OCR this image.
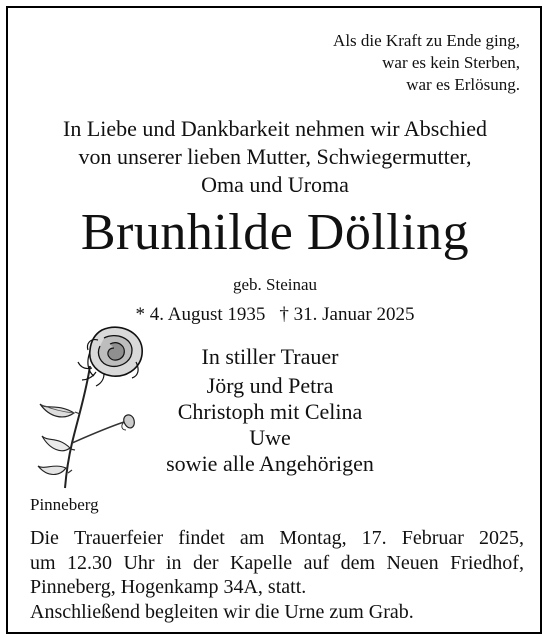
Als die Kraft zu Ende ging,
war es kein Sterben,
war es Erlösung.
In Liebe und Dankbarkeit nehmen wir Abschied
von unserer lieben Mutter, Schwiegermutter,
Oma und Uroma
Brunhilde Dölling
geb. Steinau
* 4. August 1935 † 31. Januar 2025
In stiller Trauer
Jörg und Petra
Christoph mit Celina
Uwe
sowie alle Angehörigen
Pinneberg
Die Trauerfeier findet am Montag, 17. Februar 2025,
um 12.30 Uhr in der Kapelle auf dem Neuen Friedhof,
Pinneberg, Hogenkamp 34A, statt.
Anschließend begleiten wir die Urne zum Grab.
